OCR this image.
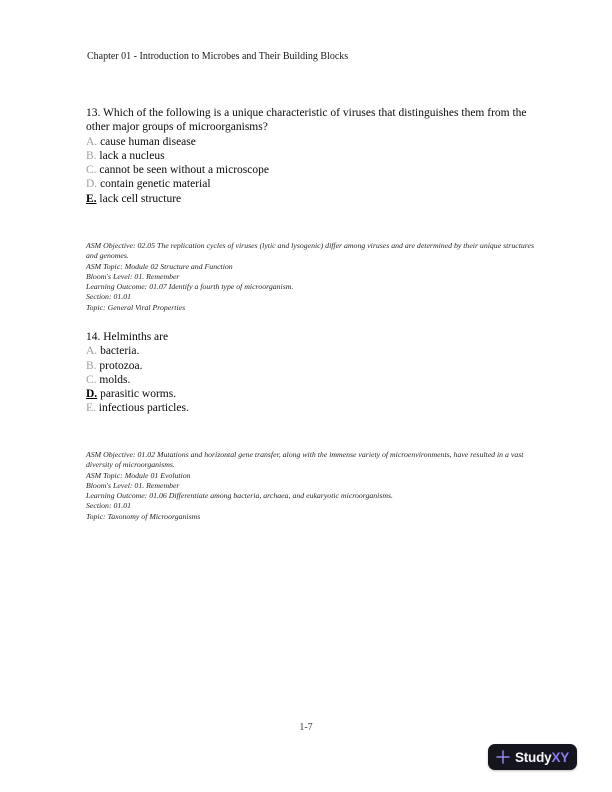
Chapter 01 - Introduction to Microbes and Their Building Blocks
13. Which of the following is a unique characteristic of viruses that distinguishes them from the other major groups of microorganisms?
A. cause human disease
B. lack a nucleus
C. cannot be seen without a microscope
D. contain genetic material
E. lack cell structure
ASM Objective: 02.05 The replication cycles of viruses (lytic and lysogenic) differ among viruses and are determined by their unique structures and genomes.
ASM Topic: Module 02 Structure and Function
Bloom's Level: 01. Remember
Learning Outcome: 01.07 Identify a fourth type of microorganism.
Section: 01.01
Topic: General Viral Properties
14. Helminths are
A. bacteria.
B. protozoa.
C. molds.
D. parasitic worms.
E. infectious particles.
ASM Objective: 01.02 Mutations and horizontal gene transfer, along with the immense variety of microenvironments, have resulted in a vast diversity of microorganisms.
ASM Topic: Module 01 Evolution
Bloom's Level: 01. Remember
Learning Outcome: 01.06 Differentiate among bacteria, archaea, and eukaryotic microorganisms.
Section: 01.01
Topic: Taxonomy of Microorganisms
1-7
StudyXY
